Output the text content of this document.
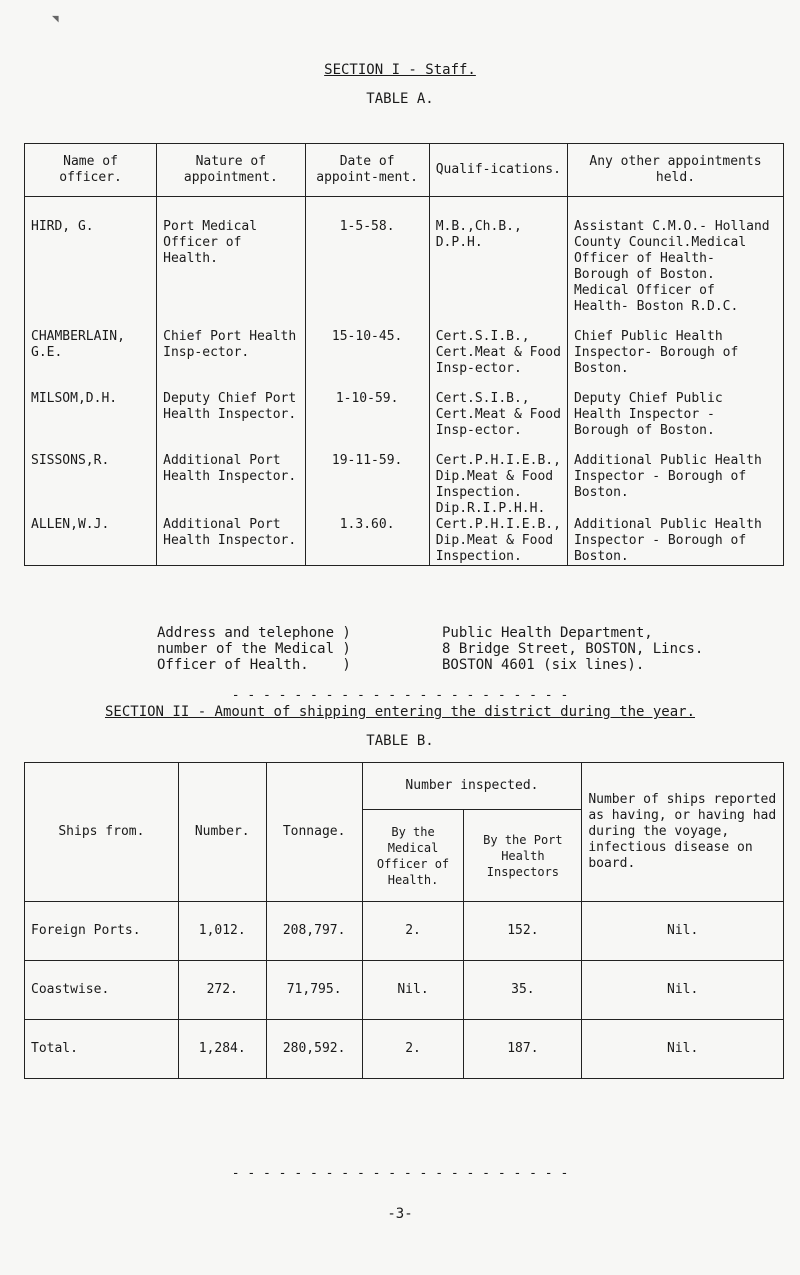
◥
SECTION I - Staff.
TABLE A.
Name of officer.	Nature of appointment.	Date of appoint-ment.	Qualif-ications.	Any other appointments held.
HIRD, G.	Port Medical Officer of Health.	1-5-58.	M.B.,Ch.B., D.P.H.	Assistant C.M.O.- Holland County Council.Medical Officer of Health- Borough of Boston. Medical Officer of Health- Boston R.D.C.
CHAMBERLAIN, G.E.	Chief Port Health Insp-ector.	15-10-45.	Cert.S.I.B., Cert.Meat & Food Insp-ector.	Chief Public Health Inspector- Borough of Boston.
MILSOM,D.H.	Deputy Chief Port Health Inspector.	1-10-59.	Cert.S.I.B., Cert.Meat & Food Insp-ector.	Deputy Chief Public Health Inspector - Borough of Boston.
SISSONS,R.	Additional Port Health Inspector.	19-11-59.	Cert.P.H.I.E.B., Dip.Meat & Food Inspection. Dip.R.I.P.H.H.	Additional Public Health Inspector - Borough of Boston.
ALLEN,W.J.	Additional Port Health Inspector.	1.3.60.	Cert.P.H.I.E.B., Dip.Meat & Food Inspection.	Additional Public Health Inspector - Borough of Boston.
Address and telephone )
number of the Medical )
Officer of Health.    )
Public Health Department,
8 Bridge Street, BOSTON, Lincs.
BOSTON 4601 (six lines).
- - - - - - - - - - - - - - - - - - - - - -
SECTION II - Amount of shipping entering the district during the year.
TABLE B.
Ships from.	Number.	Tonnage.	Number inspected.		Number of ships reported as having, or having had during the voyage, infectious disease on board.
			By the Medical Officer of Health.	By the Port Health Inspectors	
Foreign Ports.	1,012.	208,797.	2.	152.	Nil.
Coastwise.	272.	71,795.	Nil.	35.	Nil.
Total.	1,284.	280,592.	2.	187.	Nil.
- - - - - - - - - - - - - - - - - - - - - -
-3-
